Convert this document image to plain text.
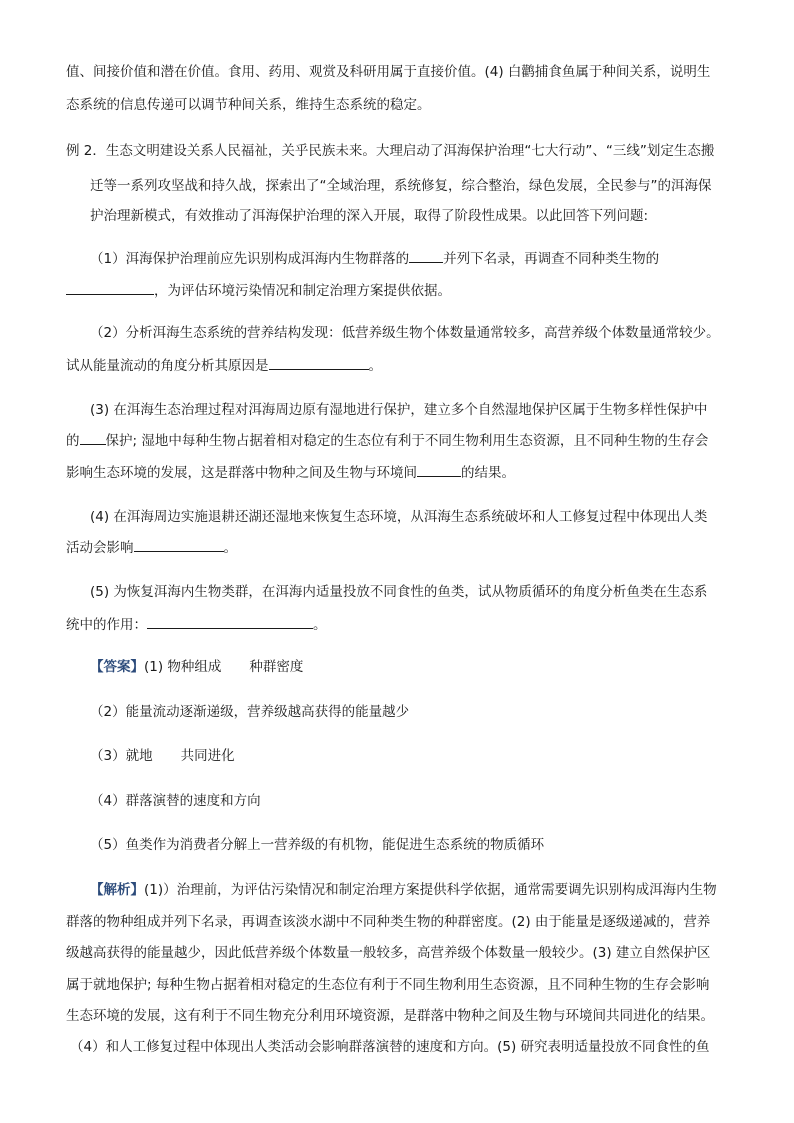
值、间接价值和潜在价值。食用、药用、观赏及科研用属于直接价值。(4) 白鹳捕食鱼属于种间关系，说明生
态系统的信息传递可以调节种间关系，维持生态系统的稳定。
例 2．生态文明建设关系人民福祉，关乎民族未来。大理启动了洱海保护治理“七大行动”、“三线”划定生态搬
迁等一系列攻坚战和持久战，探索出了“全域治理，系统修复，综合整治，绿色发展，全民参与”的洱海保
护治理新模式，有效推动了洱海保护治理的深入开展，取得了阶段性成果。以此回答下列问题:
（1）洱海保护治理前应先识别构成洱海内生物群落的	并列下名录，再调查不同种类生物的
，为评估环境污染情况和制定治理方案提供依据。
（2）分析洱海生态系统的营养结构发现：低营养级生物个体数量通常较多，高营养级个体数量通常较少。
试从能量流动的角度分析其原因是	。
(3) 在洱海生态治理过程对洱海周边原有湿地进行保护，建立多个自然湿地保护区属于生物多样性保护中
的 保护; 湿地中每种生物占据着相对稳定的生态位有利于不同生物利用生态资源，且不同种生物的生存会
影响生态环境的发展，这是群落中物种之间及生物与环境间	的结果。
(4) 在洱海周边实施退耕还湖还湿地来恢复生态环境，从洱海生态系统破坏和人工修复过程中体现出人类
活动会影响	。
(5) 为恢复洱海内生物类群，在洱海内适量投放不同食性的鱼类，试从物质循环的角度分析鱼类在生态系
统中的作用：	。
【答案】(1) 物种组成 种群密度
（2）能量流动逐渐递级，营养级越高获得的能量越少
（3）就地 共同进化
（4）群落演替的速度和方向
（5）鱼类作为消费者分解上一营养级的有机物，能促进生态系统的物质循环
【解析】(1)）治理前，为评估污染情况和制定治理方案提供科学依据，通常需要调先识别构成洱海内生物
群落的物种组成并列下名录，再调查该淡水湖中不同种类生物的种群密度。(2) 由于能量是逐级递减的，营养
级越高获得的能量越少，因此低营养级个体数量一般较多，高营养级个体数量一般较少。(3) 建立自然保护区
属于就地保护; 每种生物占据着相对稳定的生态位有利于不同生物利用生态资源，且不同种生物的生存会影响
生态环境的发展，这有利于不同生物充分利用环境资源，是群落中物种之间及生物与环境间共同进化的结果。
（4）和人工修复过程中体现出人类活动会影响群落演替的速度和方向。(5) 研究表明适量投放不同食性的鱼
